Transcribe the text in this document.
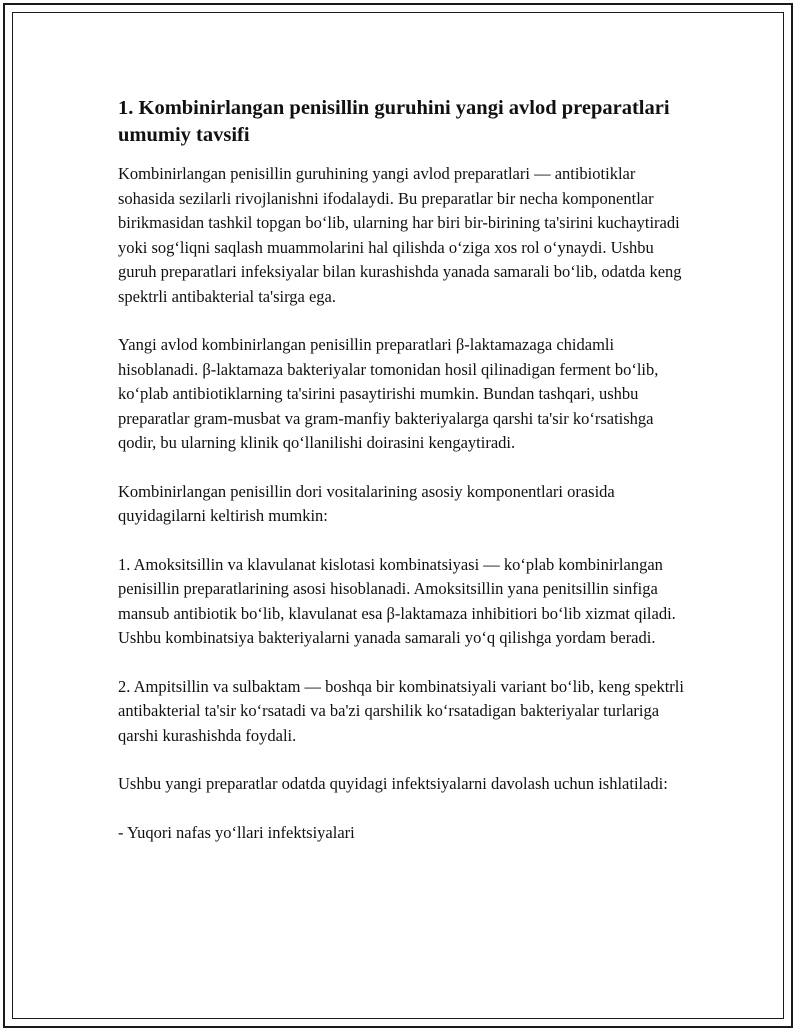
1. Kombinirlangan penisillin guruhini yangi avlod preparatlari umumiy tavsifi

Kombinirlangan penisillin guruhining yangi avlod preparatlari — antibiotiklar sohasida sezilarli rivojlanishni ifodalaydi. Bu preparatlar bir necha komponentlar birikmasidan tashkil topgan bo‘lib, ularning har biri bir-birining ta'sirini kuchaytiradi yoki sog‘liqni saqlash muammolarini hal qilishda o‘ziga xos rol o‘ynaydi. Ushbu guruh preparatlari infeksiyalar bilan kurashishda yanada samarali bo‘lib, odatda keng spektrli antibakterial ta'sirga ega.

Yangi avlod kombinirlangan penisillin preparatlari β-laktamazaga chidamli hisoblanadi. β-laktamaza bakteriyalar tomonidan hosil qilinadigan ferment bo‘lib, ko‘plab antibiotiklarning ta'sirini pasaytirishi mumkin. Bundan tashqari, ushbu preparatlar gram-musbat va gram-manfiy bakteriyalarga qarshi ta'sir ko‘rsatishga qodir, bu ularning klinik qo‘llanilishi doirasini kengaytiradi.

Kombinirlangan penisillin dori vositalarining asosiy komponentlari orasida quyidagilarni keltirish mumkin:

1. Amoksitsillin va klavulanat kislotasi kombinatsiyasi — ko‘plab kombinirlangan penisillin preparatlarining asosi hisoblanadi. Amoksitsillin yana penitsillin sinfiga mansub antibiotik bo‘lib, klavulanat esa β-laktamaza inhibitiori bo‘lib xizmat qiladi. Ushbu kombinatsiya bakteriyalarni yanada samarali yo‘q qilishga yordam beradi.

2. Ampitsillin va sulbaktam — boshqa bir kombinatsiyali variant bo‘lib, keng spektrli antibakterial ta'sir ko‘rsatadi va ba'zi qarshilik ko‘rsatadigan bakteriyalar turlariga qarshi kurashishda foydali.

Ushbu yangi preparatlar odatda quyidagi infektsiyalarni davolash uchun ishlatiladi:

- Yuqori nafas yo‘llari infektsiyalari
